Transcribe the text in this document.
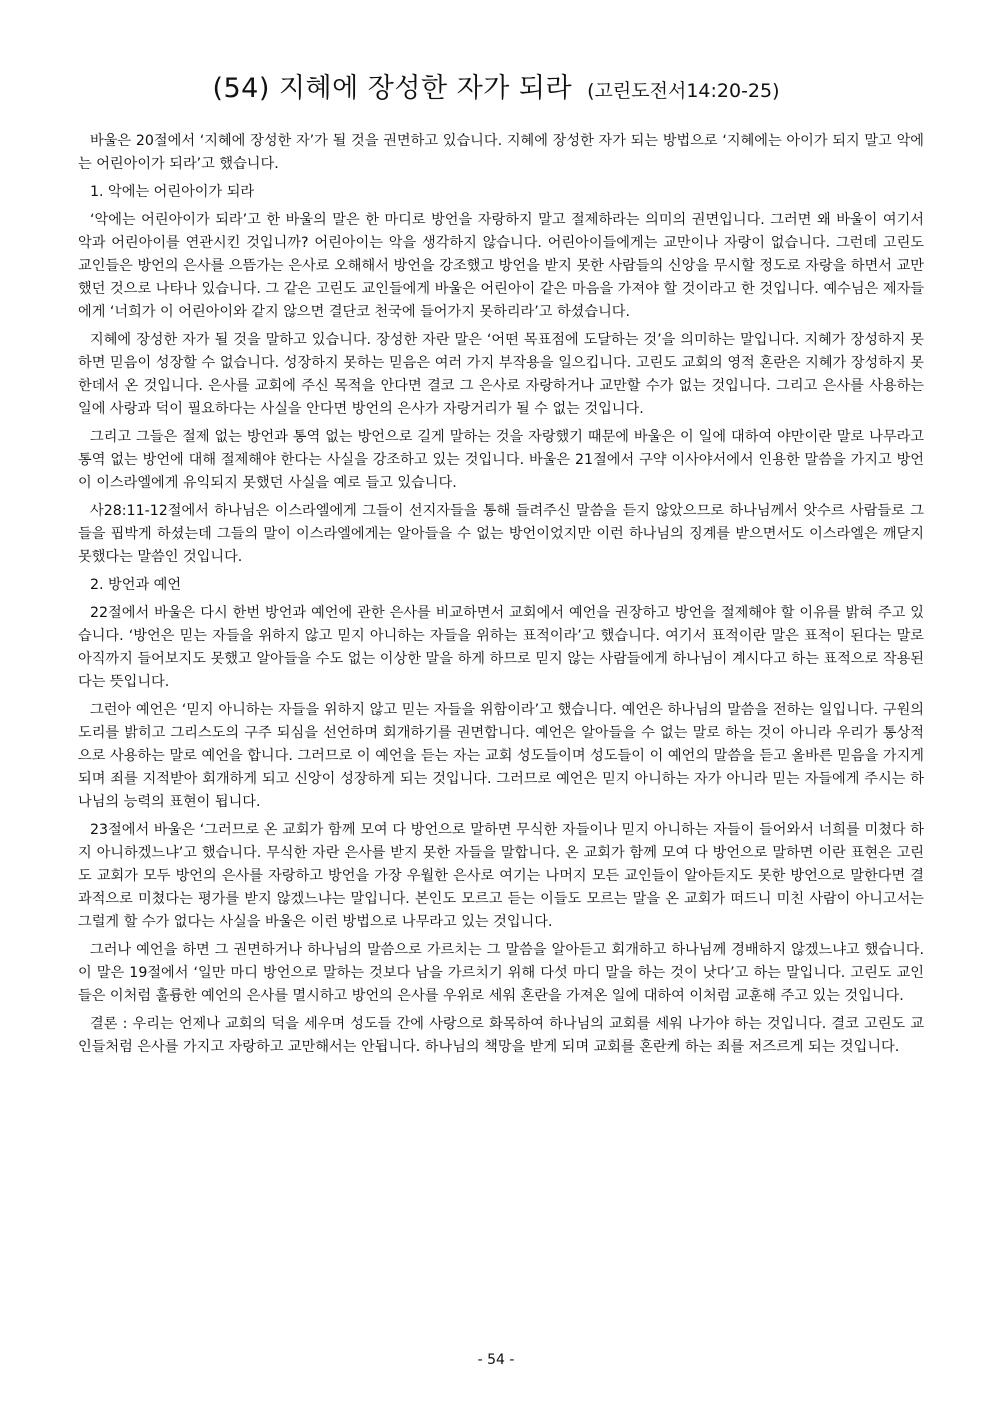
(54) 지혜에 장성한 자가 되라 (고린도전서14:20-25)

바울은 20절에서 ‘지혜에 장성한 자’가 될 것을 권면하고 있습니다. 지혜에 장성한 자가 되는 방법으로 ‘지혜에는 아이가 되지 말고 악에는 어린아이가 되라’고 했습니다.

1. 악에는 어린아이가 되라

‘악에는 어린아이가 되라’고 한 바울의 말은 한 마디로 방언을 자랑하지 말고 절제하라는 의미의 권면입니다. 그러면 왜 바울이 여기서 악과 어린아이를 연관시킨 것입니까? 어린아이는 악을 생각하지 않습니다. 어린아이들에게는 교만이나 자랑이 없습니다. 그런데 고린도 교인들은 방언의 은사를 으뜸가는 은사로 오해해서 방언을 강조했고 방언을 받지 못한 사람들의 신앙을 무시할 정도로 자랑을 하면서 교만했던 것으로 나타나 있습니다. 그 같은 고린도 교인들에게 바울은 어린아이 같은 마음을 가져야 할 것이라고 한 것입니다. 예수님은 제자들에게 ‘너희가 이 어린아이와 같지 않으면 결단코 천국에 들어가지 못하리라’고 하셨습니다.

지혜에 장성한 자가 될 것을 말하고 있습니다. 장성한 자란 말은 ‘어떤 목표점에 도달하는 것’을 의미하는 말입니다. 지혜가 장성하지 못하면 믿음이 성장할 수 없습니다. 성장하지 못하는 믿음은 여러 가지 부작용을 일으킵니다. 고린도 교회의 영적 혼란은 지혜가 장성하지 못한데서 온 것입니다. 은사를 교회에 주신 목적을 안다면 결코 그 은사로 자랑하거나 교만할 수가 없는 것입니다. 그리고 은사를 사용하는 일에 사랑과 덕이 필요하다는 사실을 안다면 방언의 은사가 자랑거리가 될 수 없는 것입니다.

그리고 그들은 절제 없는 방언과 통역 없는 방언으로 길게 말하는 것을 자랑했기 때문에 바울은 이 일에 대하여 야만이란 말로 나무라고 통역 없는 방언에 대해 절제해야 한다는 사실을 강조하고 있는 것입니다. 바울은 21절에서 구약 이사야서에서 인용한 말씀을 가지고 방언이 이스라엘에게 유익되지 못했던 사실을 예로 들고 있습니다.

사28:11-12절에서 하나님은 이스라엘에게 그들이 선지자들을 통해 들려주신 말씀을 듣지 않았으므로 하나님께서 앗수르 사람들로 그들을 핍박게 하셨는데 그들의 말이 이스라엘에게는 알아들을 수 없는 방언이었지만 이런 하나님의 징계를 받으면서도 이스라엘은 깨닫지 못했다는 말씀인 것입니다.

2. 방언과 예언

22절에서 바울은 다시 한번 방언과 예언에 관한 은사를 비교하면서 교회에서 예언을 권장하고 방언을 절제해야 할 이유를 밝혀 주고 있습니다. ‘방언은 믿는 자들을 위하지 않고 믿지 아니하는 자들을 위하는 표적이라’고 했습니다. 여기서 표적이란 말은 표적이 된다는 말로 아직까지 들어보지도 못했고 알아들을 수도 없는 이상한 말을 하게 하므로 믿지 않는 사람들에게 하나님이 계시다고 하는 표적으로 작용된다는 뜻입니다.

그런아 예언은 ‘믿지 아니하는 자들을 위하지 않고 믿는 자들을 위함이라’고 했습니다. 예언은 하나님의 말씀을 전하는 일입니다. 구원의 도리를 밝히고 그리스도의 구주 되심을 선언하며 회개하기를 권면합니다. 예언은 알아들을 수 없는 말로 하는 것이 아니라 우리가 통상적으로 사용하는 말로 예언을 합니다. 그러므로 이 예언을 듣는 자는 교회 성도들이며 성도들이 이 예언의 말씀을 듣고 올바른 믿음을 가지게 되며 죄를 지적받아 회개하게 되고 신앙이 성장하게 되는 것입니다. 그러므로 예언은 믿지 아니하는 자가 아니라 믿는 자들에게 주시는 하나님의 능력의 표현이 됩니다.

23절에서 바울은 ‘그러므로 온 교회가 함께 모여 다 방언으로 말하면 무식한 자들이나 믿지 아니하는 자들이 들어와서 너희를 미쳤다 하지 아니하겠느냐’고 했습니다. 무식한 자란 은사를 받지 못한 자들을 말합니다. 온 교회가 함께 모여 다 방언으로 말하면 이란 표현은 고린도 교회가 모두 방언의 은사를 자랑하고 방언을 가장 우월한 은사로 여기는 나머지 모든 교인들이 알아듣지도 못한 방언으로 말한다면 결과적으로 미쳤다는 평가를 받지 않겠느냐는 말입니다. 본인도 모르고 듣는 이들도 모르는 말을 온 교회가 떠드니 미친 사람이 아니고서는 그럴게 할 수가 없다는 사실을 바울은 이런 방법으로 나무라고 있는 것입니다.

그러나 예언을 하면 그 권면하거나 하나님의 말씀으로 가르치는 그 말씀을 알아듣고 회개하고 하나님께 경배하지 않겠느냐고 했습니다. 이 말은 19절에서 ‘일만 마디 방언으로 말하는 것보다 남을 가르치기 위해 다섯 마디 말을 하는 것이 낫다’고 하는 말입니다. 고린도 교인들은 이처럼 훌륭한 예언의 은사를 멸시하고 방언의 은사를 우위로 세워 혼란을 가져온 일에 대하여 이처럼 교훈해 주고 있는 것입니다.

결론 : 우리는 언제나 교회의 덕을 세우며 성도들 간에 사랑으로 화목하여 하나님의 교회를 세워 나가야 하는 것입니다. 결코 고린도 교인들처럼 은사를 가지고 자랑하고 교만해서는 안됩니다. 하나님의 책망을 받게 되며 교회를 혼란케 하는 죄를 저즈르게 되는 것입니다.

- 54 -
